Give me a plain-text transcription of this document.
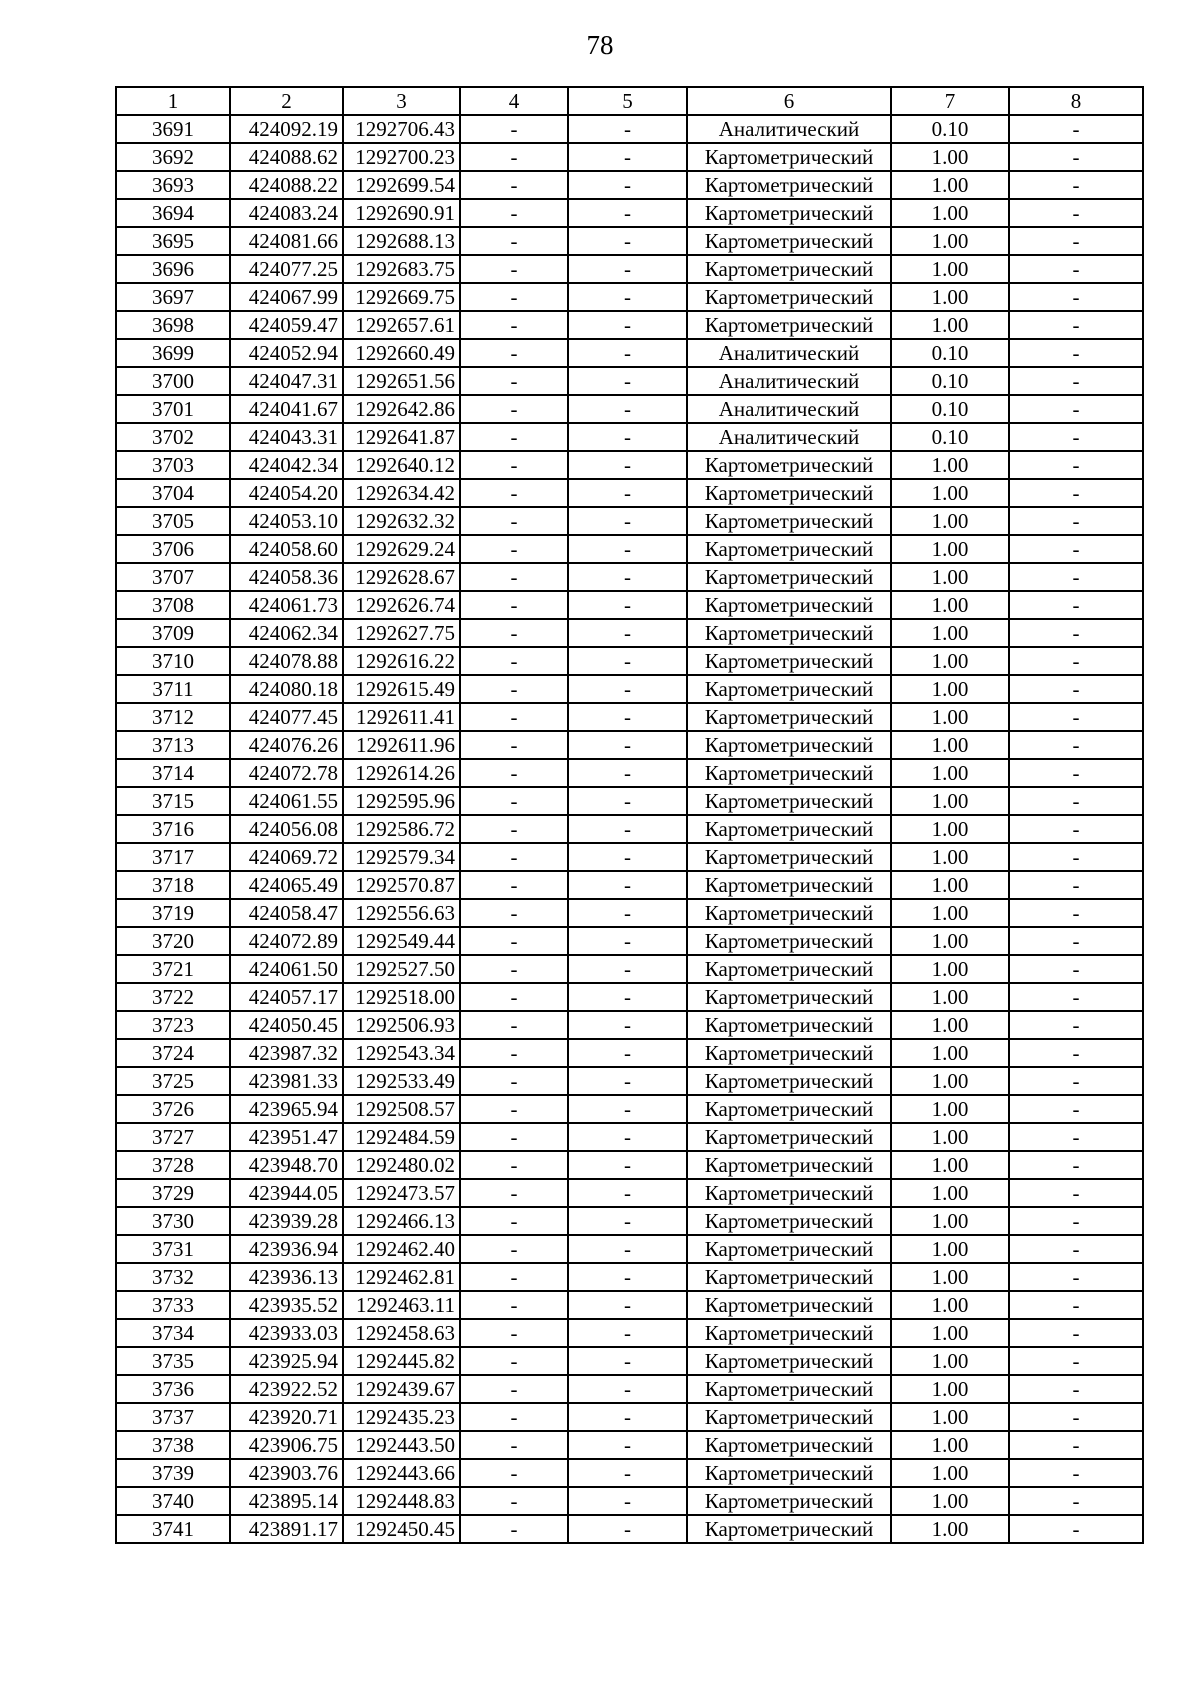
78
1	2	3	4	5	6	7	8
3691	424092.19	1292706.43	-	-	Аналитический	0.10	-
3692	424088.62	1292700.23	-	-	Картометрический	1.00	-
3693	424088.22	1292699.54	-	-	Картометрический	1.00	-
3694	424083.24	1292690.91	-	-	Картометрический	1.00	-
3695	424081.66	1292688.13	-	-	Картометрический	1.00	-
3696	424077.25	1292683.75	-	-	Картометрический	1.00	-
3697	424067.99	1292669.75	-	-	Картометрический	1.00	-
3698	424059.47	1292657.61	-	-	Картометрический	1.00	-
3699	424052.94	1292660.49	-	-	Аналитический	0.10	-
3700	424047.31	1292651.56	-	-	Аналитический	0.10	-
3701	424041.67	1292642.86	-	-	Аналитический	0.10	-
3702	424043.31	1292641.87	-	-	Аналитический	0.10	-
3703	424042.34	1292640.12	-	-	Картометрический	1.00	-
3704	424054.20	1292634.42	-	-	Картометрический	1.00	-
3705	424053.10	1292632.32	-	-	Картометрический	1.00	-
3706	424058.60	1292629.24	-	-	Картометрический	1.00	-
3707	424058.36	1292628.67	-	-	Картометрический	1.00	-
3708	424061.73	1292626.74	-	-	Картометрический	1.00	-
3709	424062.34	1292627.75	-	-	Картометрический	1.00	-
3710	424078.88	1292616.22	-	-	Картометрический	1.00	-
3711	424080.18	1292615.49	-	-	Картометрический	1.00	-
3712	424077.45	1292611.41	-	-	Картометрический	1.00	-
3713	424076.26	1292611.96	-	-	Картометрический	1.00	-
3714	424072.78	1292614.26	-	-	Картометрический	1.00	-
3715	424061.55	1292595.96	-	-	Картометрический	1.00	-
3716	424056.08	1292586.72	-	-	Картометрический	1.00	-
3717	424069.72	1292579.34	-	-	Картометрический	1.00	-
3718	424065.49	1292570.87	-	-	Картометрический	1.00	-
3719	424058.47	1292556.63	-	-	Картометрический	1.00	-
3720	424072.89	1292549.44	-	-	Картометрический	1.00	-
3721	424061.50	1292527.50	-	-	Картометрический	1.00	-
3722	424057.17	1292518.00	-	-	Картометрический	1.00	-
3723	424050.45	1292506.93	-	-	Картометрический	1.00	-
3724	423987.32	1292543.34	-	-	Картометрический	1.00	-
3725	423981.33	1292533.49	-	-	Картометрический	1.00	-
3726	423965.94	1292508.57	-	-	Картометрический	1.00	-
3727	423951.47	1292484.59	-	-	Картометрический	1.00	-
3728	423948.70	1292480.02	-	-	Картометрический	1.00	-
3729	423944.05	1292473.57	-	-	Картометрический	1.00	-
3730	423939.28	1292466.13	-	-	Картометрический	1.00	-
3731	423936.94	1292462.40	-	-	Картометрический	1.00	-
3732	423936.13	1292462.81	-	-	Картометрический	1.00	-
3733	423935.52	1292463.11	-	-	Картометрический	1.00	-
3734	423933.03	1292458.63	-	-	Картометрический	1.00	-
3735	423925.94	1292445.82	-	-	Картометрический	1.00	-
3736	423922.52	1292439.67	-	-	Картометрический	1.00	-
3737	423920.71	1292435.23	-	-	Картометрический	1.00	-
3738	423906.75	1292443.50	-	-	Картометрический	1.00	-
3739	423903.76	1292443.66	-	-	Картометрический	1.00	-
3740	423895.14	1292448.83	-	-	Картометрический	1.00	-
3741	423891.17	1292450.45	-	-	Картометрический	1.00	-
